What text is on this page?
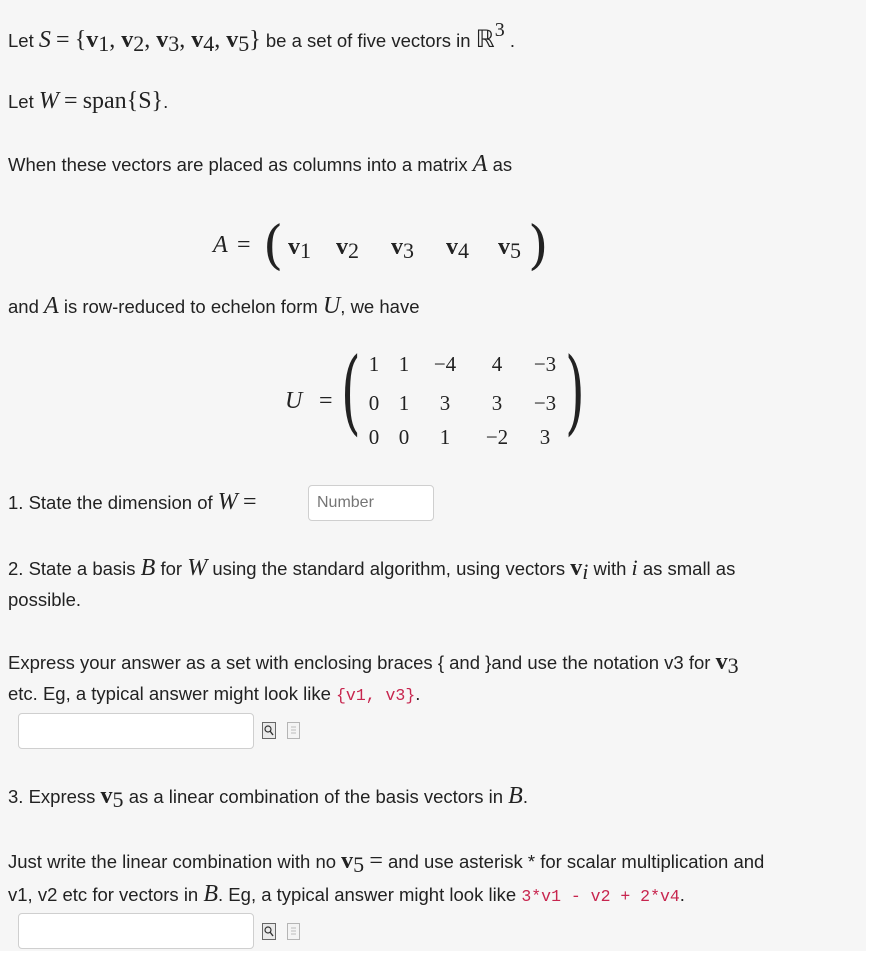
Let S = {v1, v2, v3, v4, v5} be a set of five vectors in ℝ$^3$ .
Let W = span{S}.
When these vectors are placed as columns into a matrix A as
A = ( v1 v2 v3 v4 v5 )
and A is row-reduced to echelon form U, we have
U = ( 1 1	−4	4	−3
0 1	3	3	−3
0 0	1	−2	3 )
1. State the dimension of W =
Number
2. State a basis B for W using the standard algorithm, using vectors vi with i as small as
possible.
Express your answer as a set with enclosing braces { and }and use the notation v3 for v3
etc. Eg, a typical answer might look like {v1, v3}.
3. Express v5 as a linear combination of the basis vectors in B.
Just write the linear combination with no v5 = and use asterisk * for scalar multiplication and
v1, v2 etc for vectors in B. Eg, a typical answer might look like 3*v1 - v2 + 2*v4.
